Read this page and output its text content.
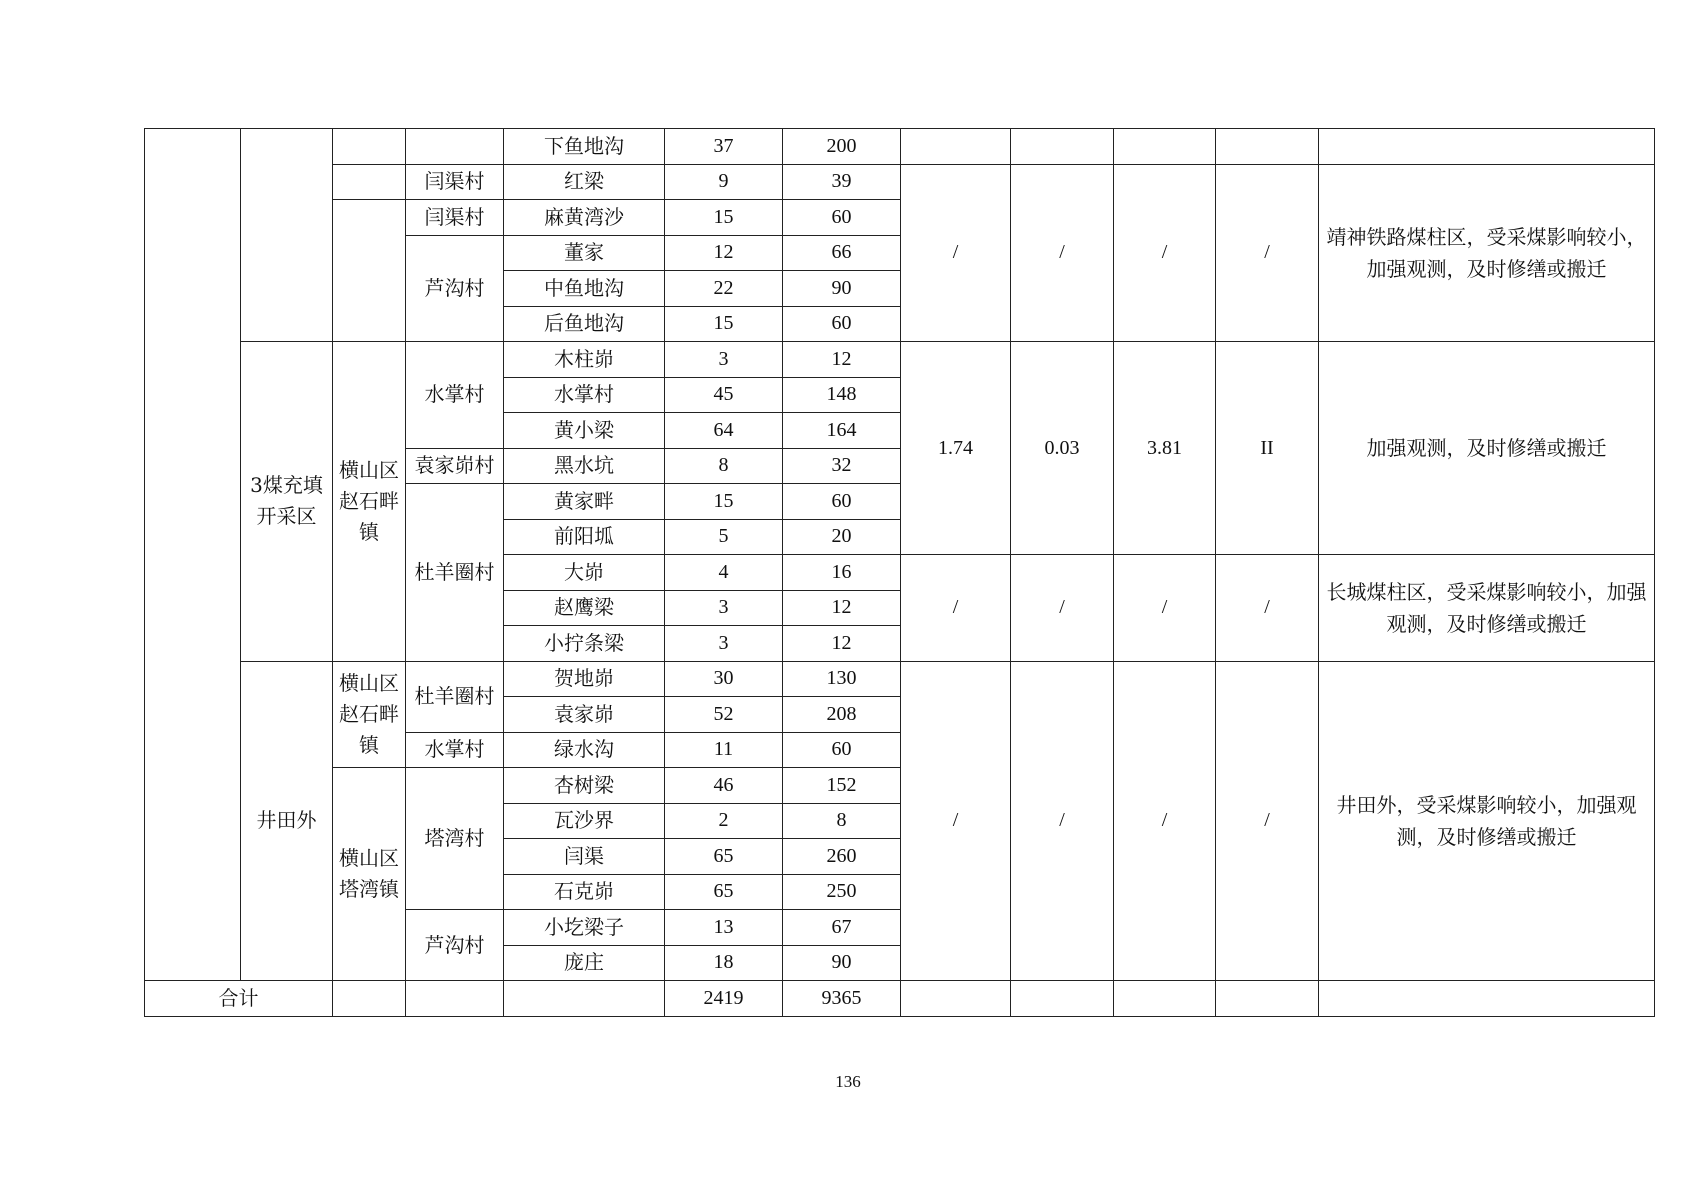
				下鱼地沟	37	200					
			闫渠村	红梁	9	39	/	/	/	/	靖神铁路煤柱区，受采煤影响较小，加强观测，及时修缮或搬迁
			闫渠村	麻黄湾沙	15	60					
			芦沟村	董家	12	66					
				中鱼地沟	22	90					
				后鱼地沟	15	60					
	3煤充填开采区	横山区赵石畔镇	水掌村	木柱峁	3	12	1.74	0.03	3.81	II	加强观测，及时修缮或搬迁
				水掌村	45	148					
				黄小梁	64	164					
			袁家峁村	黑水坑	8	32					
			杜羊圈村	黄家畔	15	60					
				前阳坬	5	20					
				大峁	4	16	/	/	/	/	长城煤柱区，受采煤影响较小，加强观测，及时修缮或搬迁
				赵鹰梁	3	12					
				小拧条梁	3	12					
	井田外	横山区赵石畔镇	杜羊圈村	贺地峁	30	130	/	/	/	/	井田外，受采煤影响较小，加强观测，及时修缮或搬迁
				袁家峁	52	208					
			水掌村	绿水沟	11	60					
		横山区塔湾镇	塔湾村	杏树梁	46	152					
				瓦沙界	2	8					
				闫渠	65	260					
				石克峁	65	250					
			芦沟村	小圪梁子	13	67					
				庞庄	18	90					
合计					2419	9365					
136
